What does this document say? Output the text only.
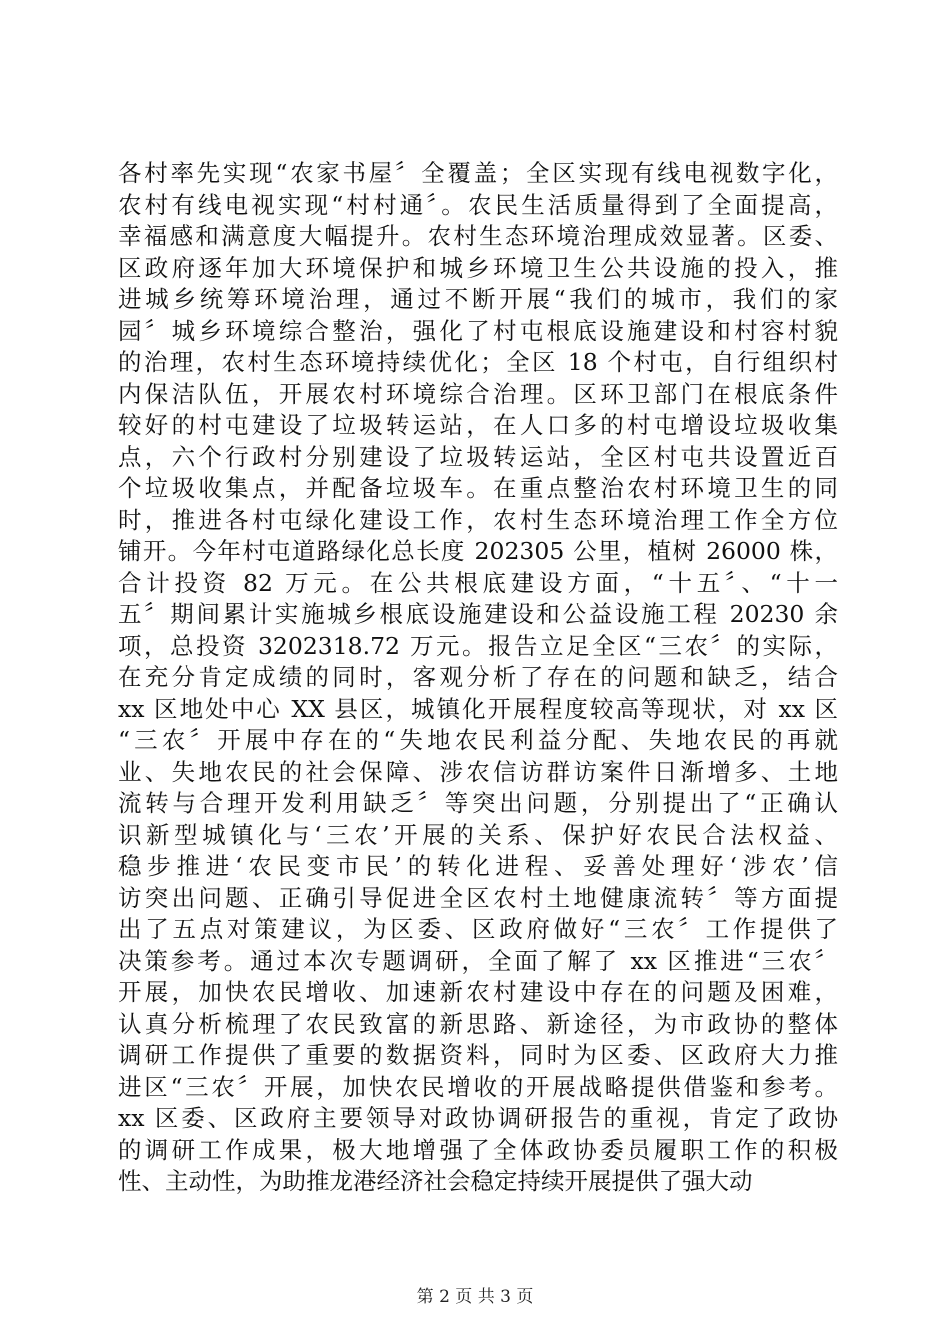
各村率先实现“农家书屋〞全覆盖；全区实现有线电视数字化，
农村有线电视实现“村村通〞。农民生活质量得到了全面提高，
幸福感和满意度大幅提升。农村生态环境治理成效显著。区委、
区政府逐年加大环境保护和城乡环境卫生公共设施的投入，推
进城乡统筹环境治理，通过不断开展“我们的城市，我们的家
园〞城乡环境综合整治，强化了村屯根底设施建设和村容村貌
的治理，农村生态环境持续优化；全区 18 个村屯，自行组织村
内保洁队伍，开展农村环境综合治理。区环卫部门在根底条件
较好的村屯建设了垃圾转运站，在人口多的村屯增设垃圾收集
点，六个行政村分别建设了垃圾转运站，全区村屯共设置近百
个垃圾收集点，并配备垃圾车。在重点整治农村环境卫生的同
时，推进各村屯绿化建设工作，农村生态环境治理工作全方位
铺开。今年村屯道路绿化总长度 202305 公里，植树 26000 株，
合计投资 82 万元。在公共根底建设方面，“十五〞、“十一
五〞期间累计实施城乡根底设施建设和公益设施工程 20230 余
项，总投资 3202318.72 万元。报告立足全区“三农〞的实际，
在充分肯定成绩的同时，客观分析了存在的问题和缺乏，结合
xx 区地处中心 XX 县区，城镇化开展程度较高等现状，对 xx 区
“三农〞开展中存在的“失地农民利益分配、失地农民的再就
业、失地农民的社会保障、涉农信访群访案件日渐增多、土地
流转与合理开发利用缺乏〞等突出问题，分别提出了“正确认
识新型城镇化与‘三农’开展的关系、保护好农民合法权益、
稳步推进‘农民变市民’的转化进程、妥善处理好‘涉农’信
访突出问题、正确引导促进全区农村土地健康流转〞等方面提
出了五点对策建议，为区委、区政府做好“三农〞工作提供了
决策参考。通过本次专题调研，全面了解了 xx 区推进“三农〞
开展，加快农民增收、加速新农村建设中存在的问题及困难，
认真分析梳理了农民致富的新思路、新途径，为市政协的整体
调研工作提供了重要的数据资料，同时为区委、区政府大力推
进区“三农〞开展，加快农民增收的开展战略提供借鉴和参考。
xx 区委、区政府主要领导对政协调研报告的重视，肯定了政协
的调研工作成果，极大地增强了全体政协委员履职工作的积极
性、主动性，为助推龙港经济社会稳定持续开展提供了强大动

第 2 页 共 3 页
